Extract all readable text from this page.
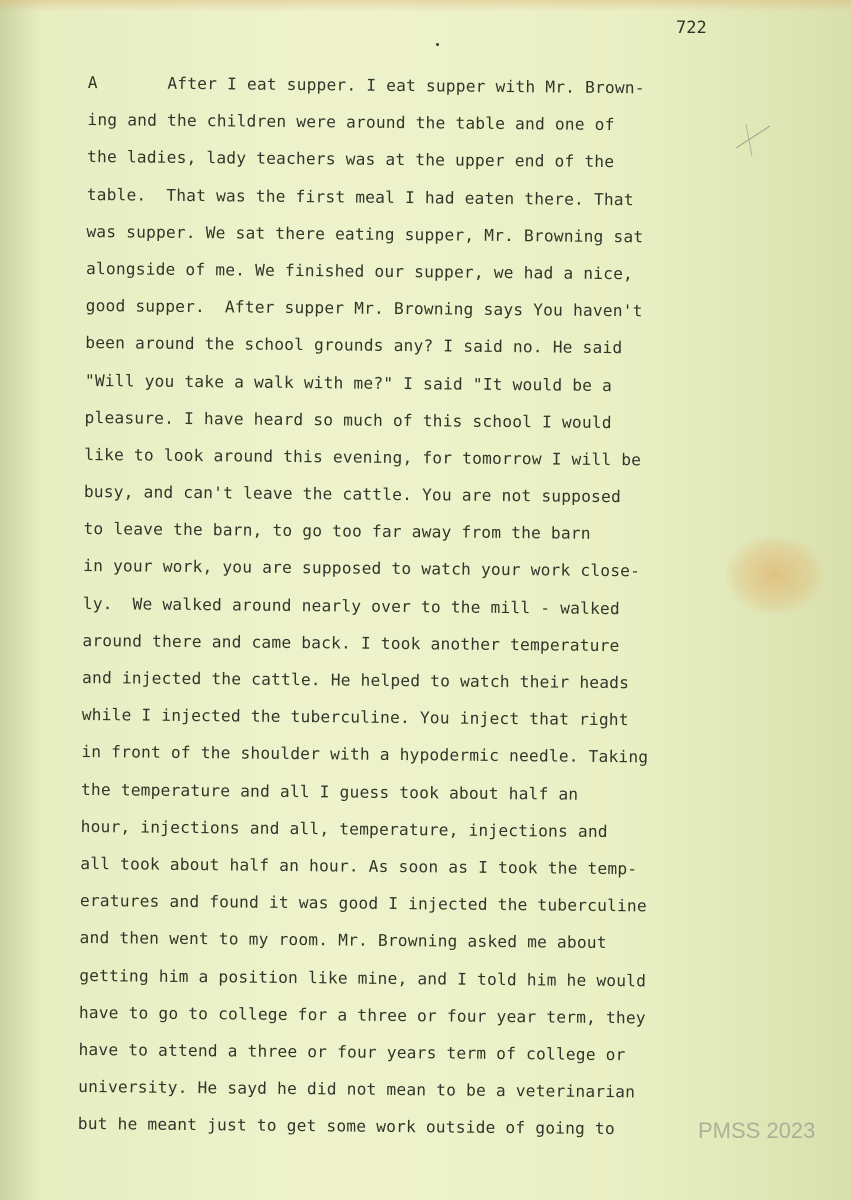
722

A       After I eat supper. I eat supper with Mr. Brown-
ing and the children were around the table and one of
the ladies, lady teachers was at the upper end of the
table.  That was the first meal I had eaten there. That
was supper. We sat there eating supper, Mr. Browning sat
alongside of me. We finished our supper, we had a nice,
good supper.  After supper Mr. Browning says You haven't
been around the school grounds any? I said no. He said
"Will you take a walk with me?" I said "It would be a
pleasure. I have heard so much of this school I would
like to look around this evening, for tomorrow I will be
busy, and can't leave the cattle. You are not supposed
to leave the barn, to go too far away from the barn
in your work, you are supposed to watch your work close-
ly.  We walked around nearly over to the mill - walked
around there and came back. I took another temperature
and injected the cattle. He helped to watch their heads
while I injected the tuberculine. You inject that right
in front of the shoulder with a hypodermic needle. Taking
the temperature and all I guess took about half an
hour, injections and all, temperature, injections and
all took about half an hour. As soon as I took the temp-
eratures and found it was good I injected the tuberculine
and then went to my room. Mr. Browning asked me about
getting him a position like mine, and I told him he would
have to go to college for a three or four year term, they
have to attend a three or four years term of college or
university. He sayd he did not mean to be a veterinarian
but he meant just to get some work outside of going to	PMSS 2023
